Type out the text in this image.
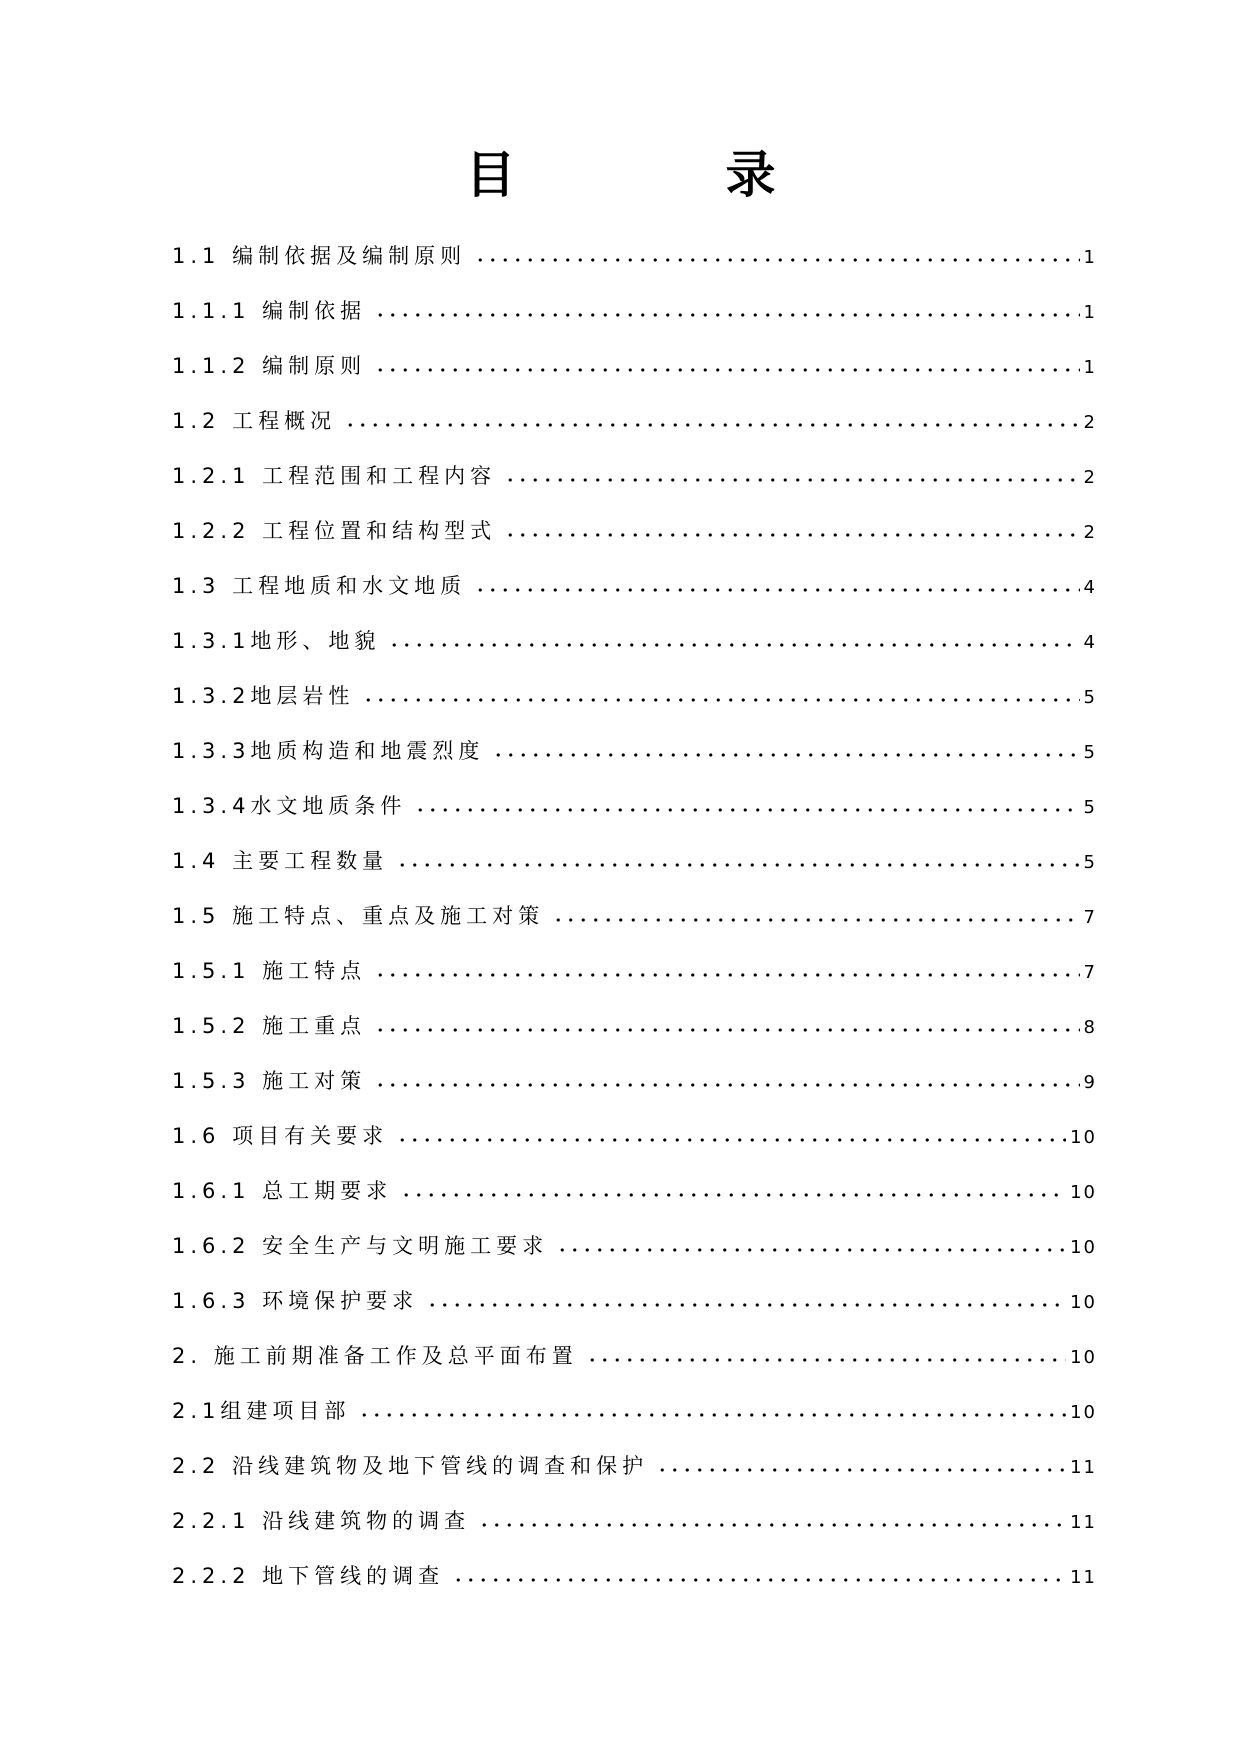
目　录
1.1 编制依据及编制原则	1
1.1.1 编制依据	1
1.1.2 编制原则	1
1.2 工程概况	2
1.2.1 工程范围和工程内容	2
1.2.2 工程位置和结构型式	2
1.3 工程地质和水文地质	4
1.3.1地形、地貌	4
1.3.2地层岩性	5
1.3.3地质构造和地震烈度	5
1.3.4水文地质条件	5
1.4 主要工程数量	5
1.5 施工特点、重点及施工对策	7
1.5.1 施工特点	7
1.5.2 施工重点	8
1.5.3 施工对策	9
1.6 项目有关要求	10
1.6.1 总工期要求	10
1.6.2 安全生产与文明施工要求	10
1.6.3 环境保护要求	10
2. 施工前期准备工作及总平面布置	10
2.1组建项目部	10
2.2 沿线建筑物及地下管线的调查和保护	11
2.2.1 沿线建筑物的调查	11
2.2.2 地下管线的调查	11
